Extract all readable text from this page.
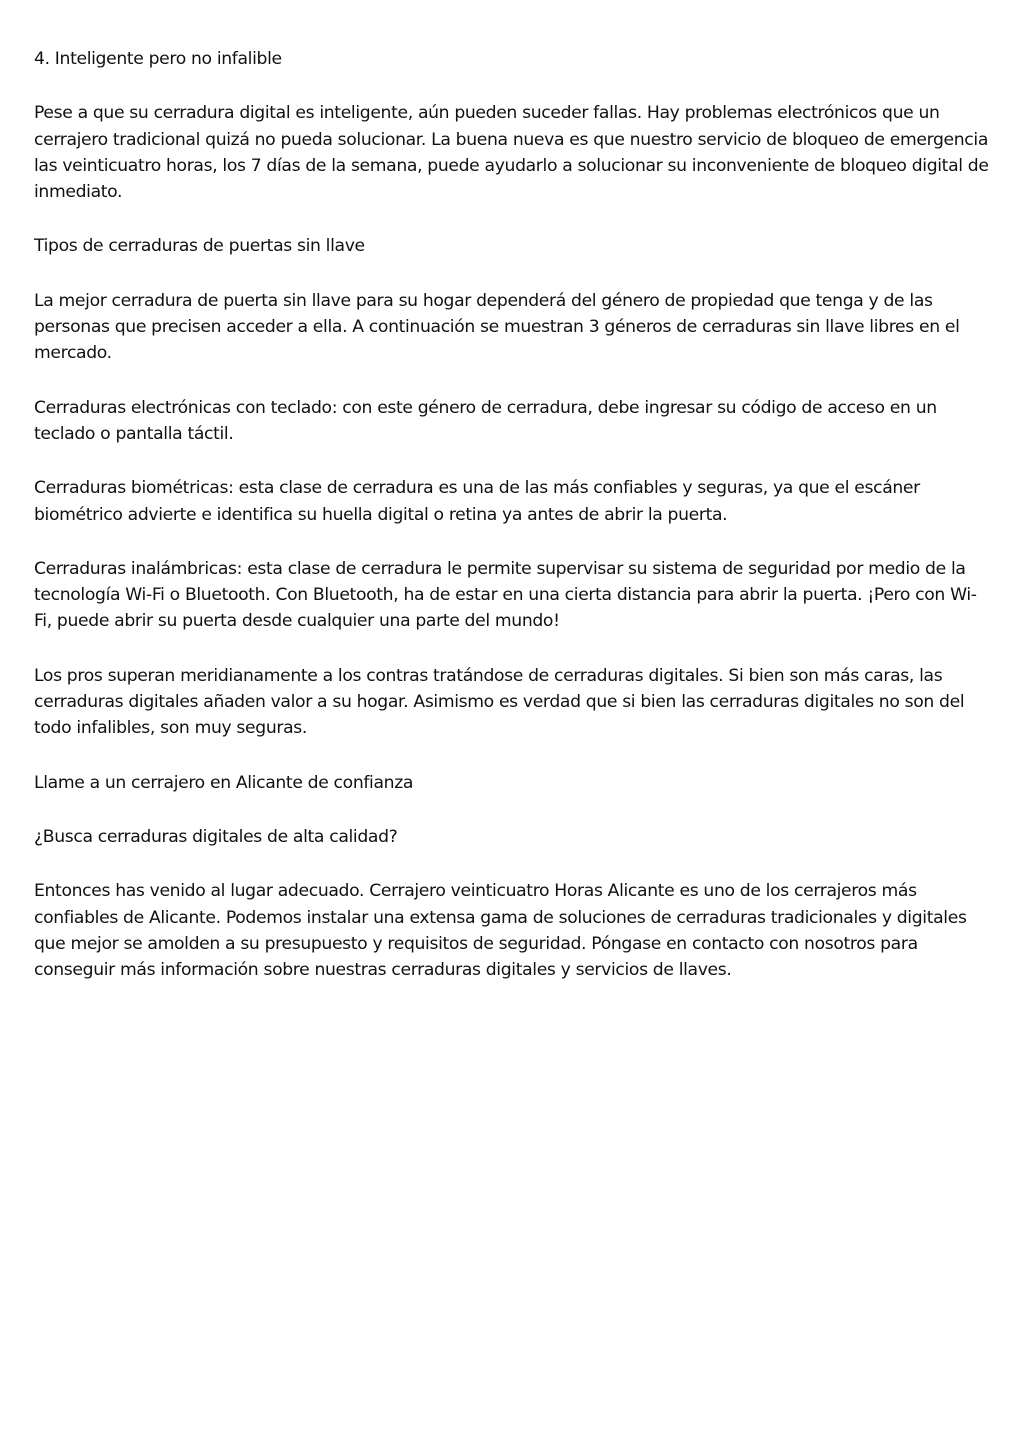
4. Inteligente pero no infalible

Pese a que su cerradura digital es inteligente, aún pueden suceder fallas. Hay problemas electrónicos que un cerrajero tradicional quizá no pueda solucionar. La buena nueva es que nuestro servicio de bloqueo de emergencia las veinticuatro horas, los 7 días de la semana, puede ayudarlo a solucionar su inconveniente de bloqueo digital de inmediato.

Tipos de cerraduras de puertas sin llave

La mejor cerradura de puerta sin llave para su hogar dependerá del género de propiedad que tenga y de las personas que precisen acceder a ella. A continuación se muestran 3 géneros de cerraduras sin llave libres en el mercado.

Cerraduras electrónicas con teclado: con este género de cerradura, debe ingresar su código de acceso en un teclado o pantalla táctil.

Cerraduras biométricas: esta clase de cerradura es una de las más confiables y seguras, ya que el escáner biométrico advierte e identifica su huella digital o retina ya antes de abrir la puerta.

Cerraduras inalámbricas: esta clase de cerradura le permite supervisar su sistema de seguridad por medio de la tecnología Wi-Fi o Bluetooth. Con Bluetooth, ha de estar en una cierta distancia para abrir la puerta. ¡Pero con Wi-Fi, puede abrir su puerta desde cualquier una parte del mundo!

Los pros superan meridianamente a los contras tratándose de cerraduras digitales. Si bien son más caras, las cerraduras digitales añaden valor a su hogar. Asimismo es verdad que si bien las cerraduras digitales no son del todo infalibles, son muy seguras.

Llame a un cerrajero en Alicante de confianza

¿Busca cerraduras digitales de alta calidad?

Entonces has venido al lugar adecuado. Cerrajero veinticuatro Horas Alicante es uno de los cerrajeros más confiables de Alicante. Podemos instalar una extensa gama de soluciones de cerraduras tradicionales y digitales que mejor se amolden a su presupuesto y requisitos de seguridad. Póngase en contacto con nosotros para conseguir más información sobre nuestras cerraduras digitales y servicios de llaves.
